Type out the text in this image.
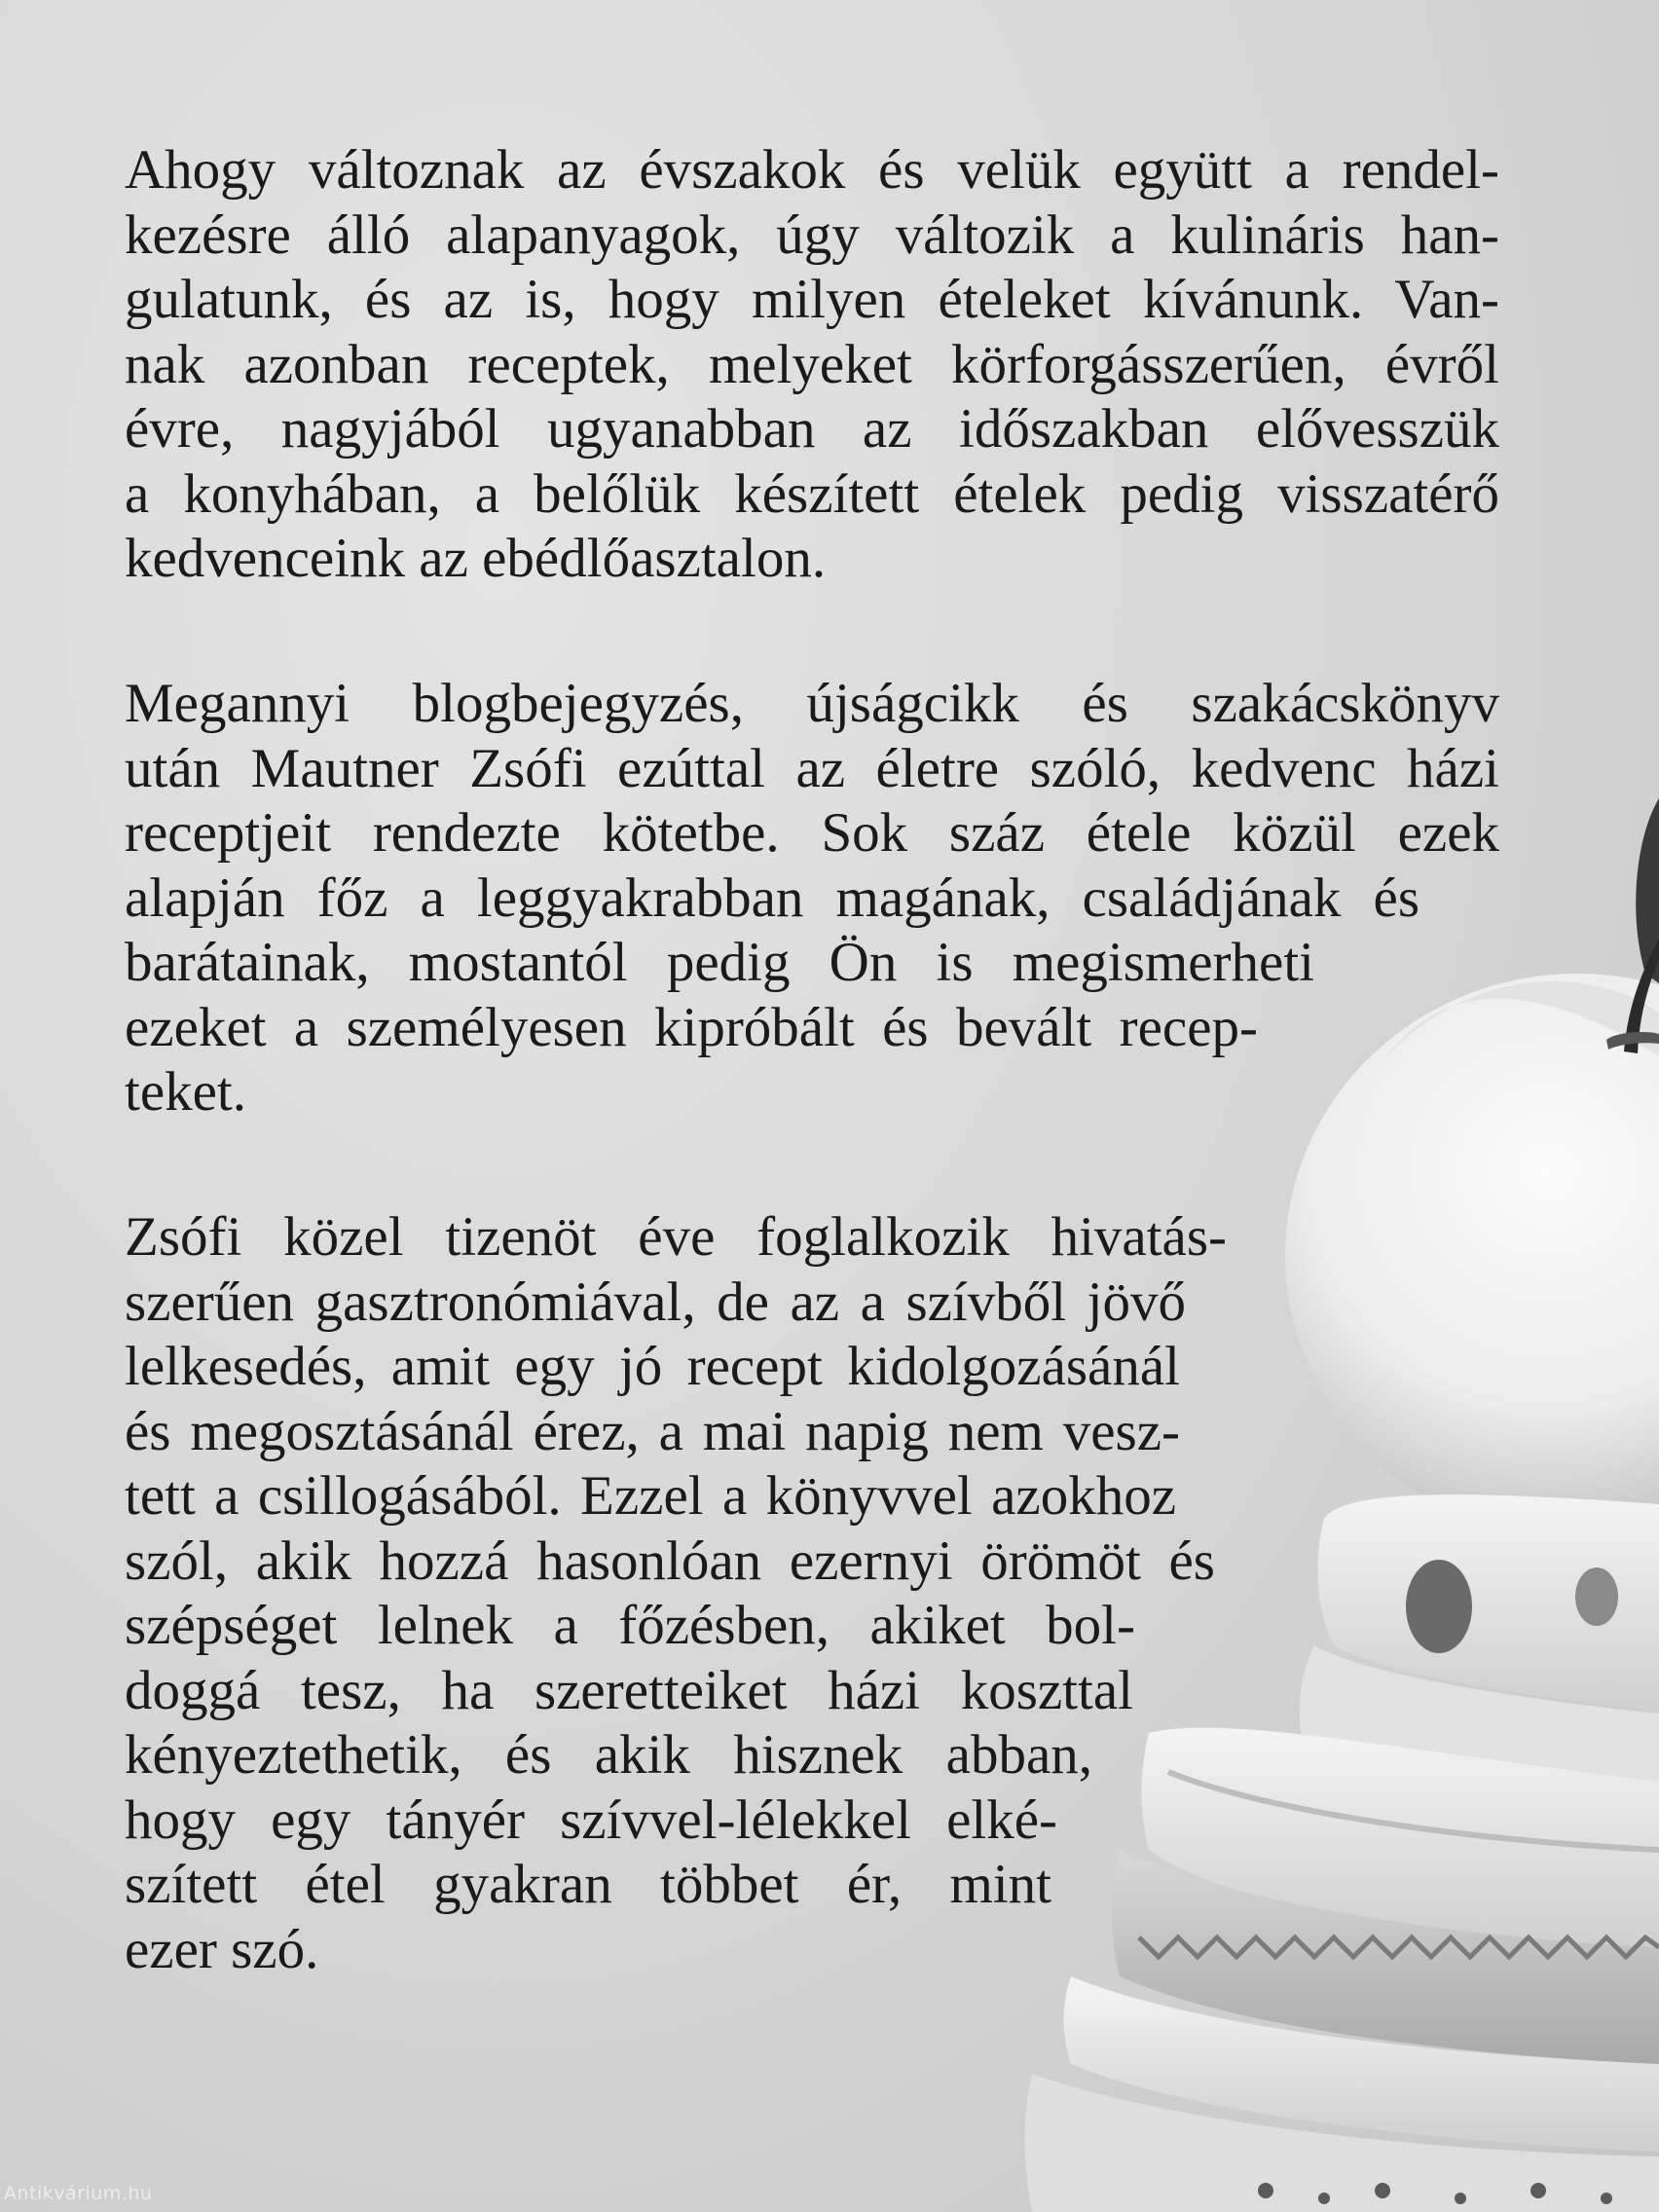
Ahogy változnak az évszakok és velük együtt a rendel-
kezésre álló alapanyagok, úgy változik a kulináris han-
gulatunk, és az is, hogy milyen ételeket kívánunk. Van-
nak azonban receptek, melyeket körforgásszerűen, évről
évre, nagyjából ugyanabban az időszakban elővesszük
a konyhában, a belőlük készített ételek pedig visszatérő
kedvenceink az ebédlőasztalon.

Megannyi blogbejegyzés, újságcikk és szakácskönyv
után Mautner Zsófi ezúttal az életre szóló, kedvenc házi
receptjeit rendezte kötetbe. Sok száz étele közül ezek
alapján főz a leggyakrabban magának, családjának és
barátainak, mostantól pedig Ön is megismerheti
ezeket a személyesen kipróbált és bevált recep-
teket.

Zsófi közel tizenöt éve foglalkozik hivatás-
szerűen gasztronómiával, de az a szívből jövő
lelkesedés, amit egy jó recept kidolgozásánál
és megosztásánál érez, a mai napig nem vesz-
tett a csillogásából. Ezzel a könyvvel azokhoz
szól, akik hozzá hasonlóan ezernyi örömöt és
szépséget lelnek a főzésben, akiket bol-
doggá tesz, ha szeretteiket házi koszttal
kényeztethetik, és akik hisznek abban,
hogy egy tányér szívvel-lélekkel elké-
szített étel gyakran többet ér, mint
ezer szó.

Antikvárium.hu
